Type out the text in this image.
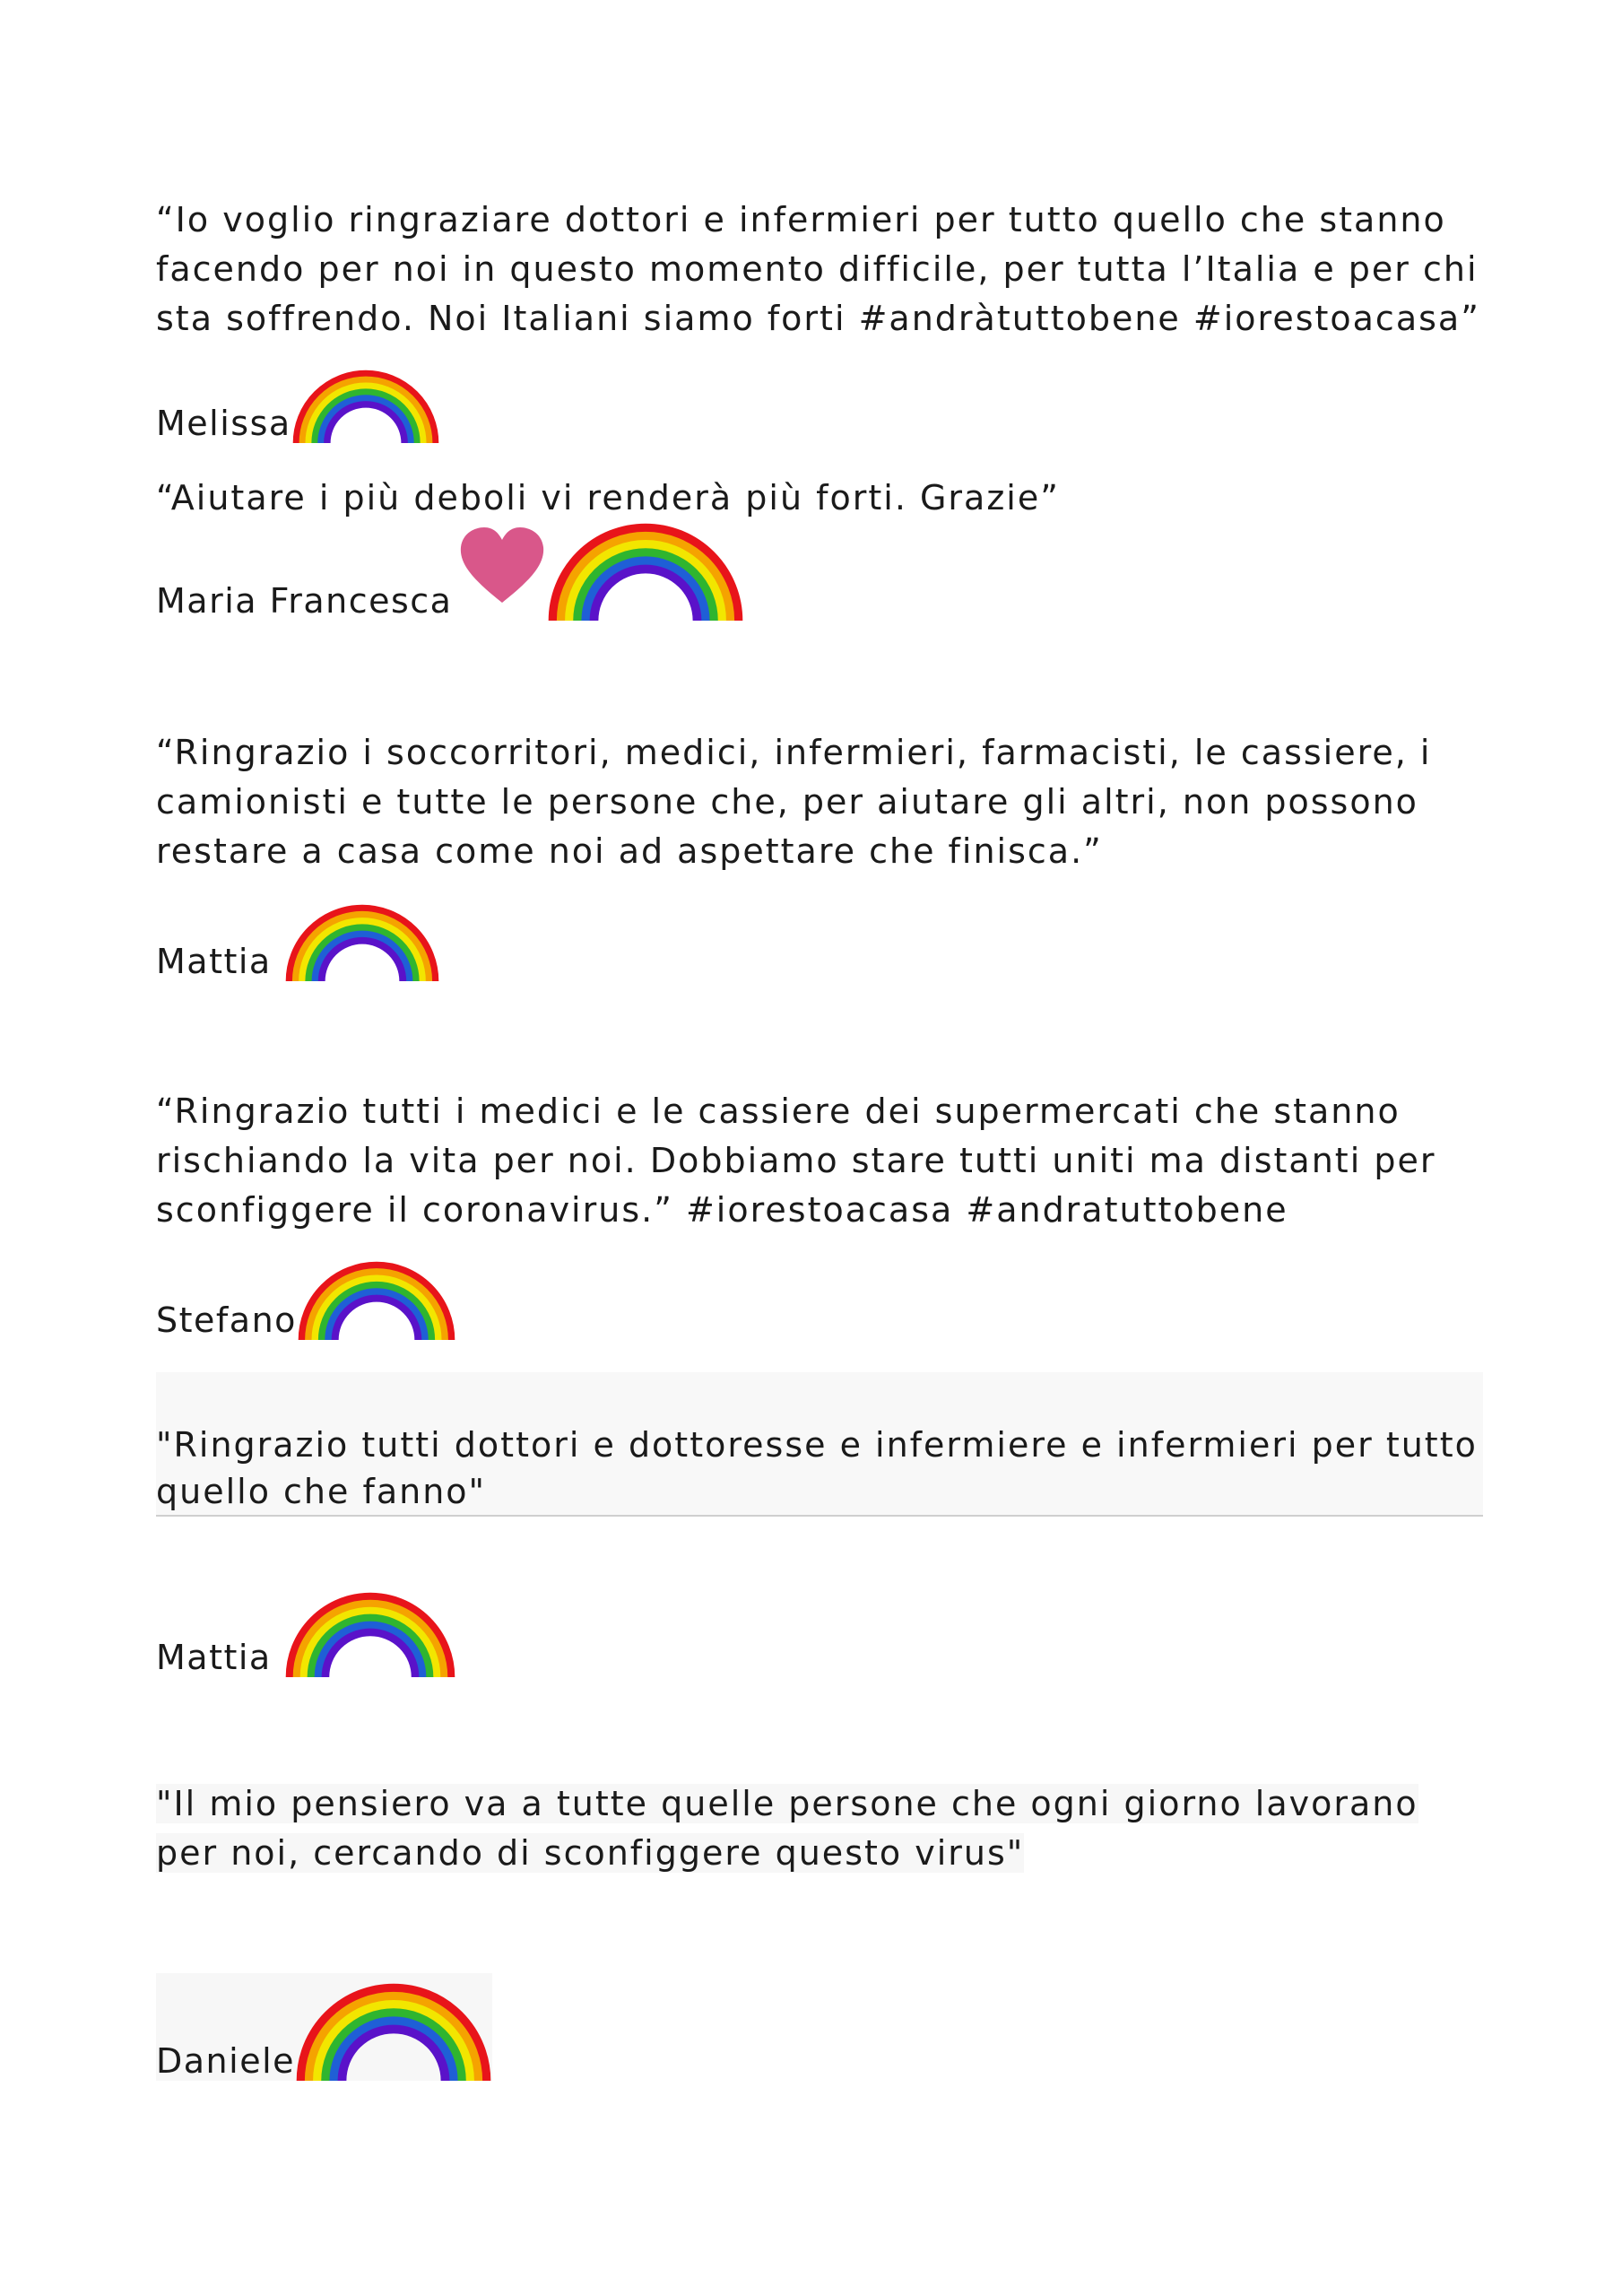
“Io voglio ringraziare dottori e infermieri per tutto quello che stanno facendo per noi in questo momento difficile, per tutta l’Italia e per chi sta soffrendo. Noi Italiani siamo forti #andràtuttobene #iorestoacasa”

Melissa

“Aiutare i più deboli vi renderà più forti. Grazie”

Maria Francesca

“Ringrazio i soccorritori, medici, infermieri, farmacisti, le cassiere, i camionisti e tutte le persone che, per aiutare gli altri, non possono restare a casa come noi ad aspettare che finisca.”

Mattia

“Ringrazio tutti i medici e le cassiere dei supermercati che stanno rischiando la vita per noi. Dobbiamo stare tutti uniti ma distanti per sconfiggere il coronavirus.” #iorestoacasa #andratuttobene

Stefano

"Ringrazio tutti dottori e dottoresse e infermiere e infermieri per tutto quello che fanno"

Mattia

"Il mio pensiero va a tutte quelle persone che ogni giorno lavorano per noi, cercando di sconfiggere questo virus"

Daniele
